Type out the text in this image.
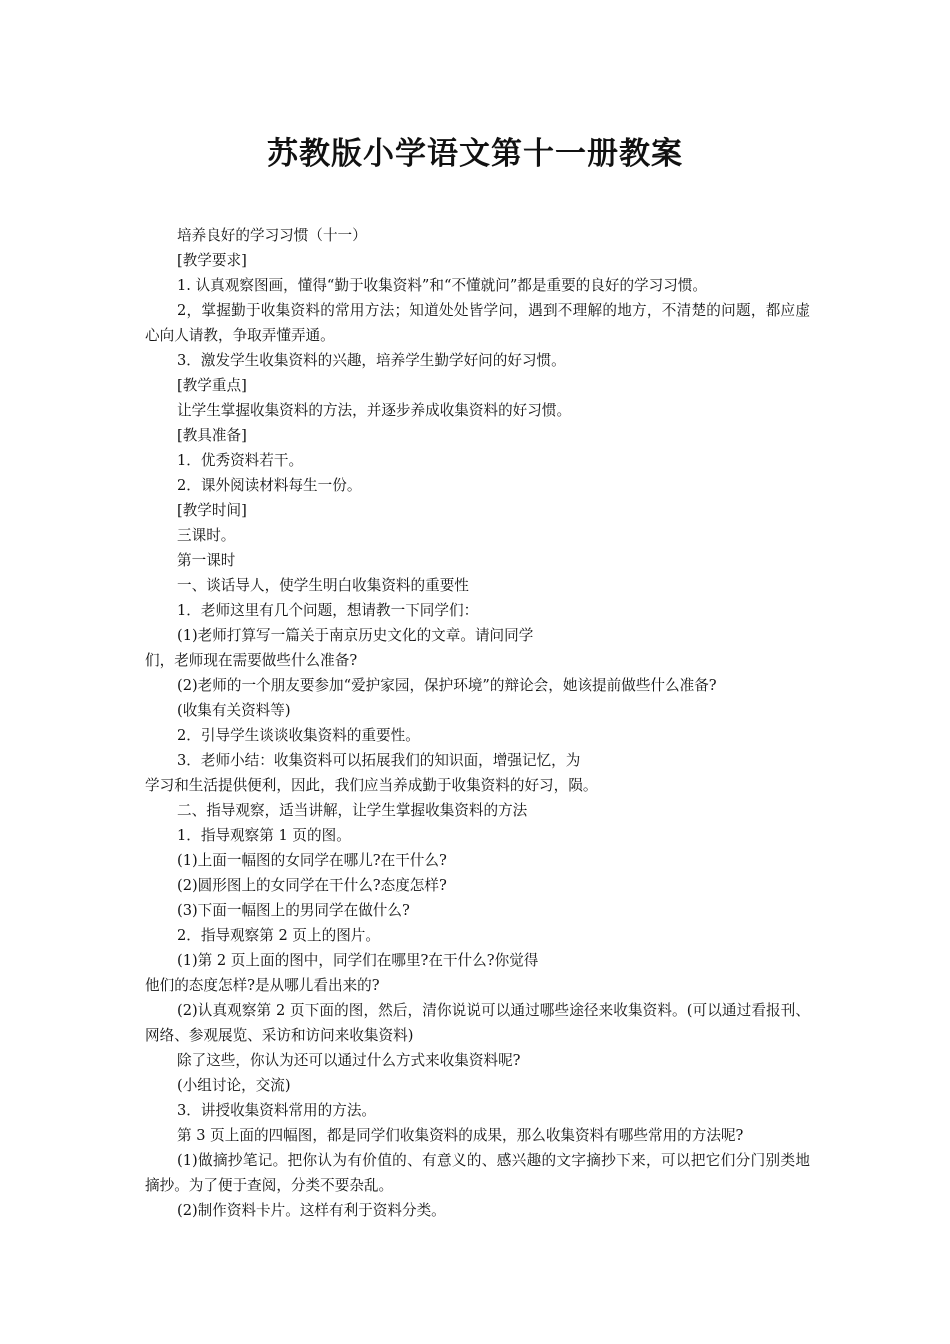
苏教版小学语文第十一册教案

培养良好的学习习惯（十一）

[教学要求]

1. 认真观察图画，懂得“勤于收集资料”和“不懂就问”都是重要的良好的学习习惯。

2，掌握勤于收集资料的常用方法；知道处处皆学问，遇到不理解的地方，不清楚的问题，都应虚心向人请教，争取弄懂弄通。

3．激发学生收集资料的兴趣，培养学生勤学好问的好习惯。

[教学重点]

让学生掌握收集资料的方法，并逐步养成收集资料的好习惯。

[教具准备]

1．优秀资料若干。

2．课外阅读材料每生一份。

[教学时间]

三课时。

第一课时

一、谈话导人，使学生明白收集资料的重要性

1．老师这里有几个问题，想请教一下同学们：

(1)老师打算写一篇关于南京历史文化的文章。请问同学

们，老师现在需要做些什么准备?

(2)老师的一个朋友要参加“爱护家园，保护环境”的辩论会，她该提前做些什么准备?

(收集有关资料等)

2．引导学生谈谈收集资料的重要性。

3．老师小结：收集资料可以拓展我们的知识面，增强记忆，为

学习和生活提供便利，因此，我们应当养成勤于收集资料的好习，陨。

二、指导观察，适当讲解，让学生掌握收集资料的方法

1．指导观察第 1 页的图。

(1)上面一幅图的女同学在哪儿?在干什么?

(2)圆形图上的女同学在干什么?态度怎样?

(3)下面一幅图上的男同学在做什么?

2．指导观察第 2 页上的图片。

(1)第 2 页上面的图中，同学们在哪里?在干什么?你觉得

他们的态度怎样?是从哪儿看出来的?

(2)认真观察第 2 页下面的图，然后，清你说说可以通过哪些途径来收集资料。(可以通过看报刊、网络、参观展览、采访和访问来收集资料)

除了这些，你认为还可以通过什么方式来收集资料呢?

(小组讨论，交流)

3．讲授收集资料常用的方法。

第 3 页上面的四幅图，都是同学们收集资料的成果，那么收集资料有哪些常用的方法呢?

(1)做摘抄笔记。把你认为有价值的、有意义的、感兴趣的文字摘抄下来，可以把它们分门别类地摘抄。为了便于查阅，分类不要杂乱。

(2)制作资料卡片。这样有利于资料分类。
